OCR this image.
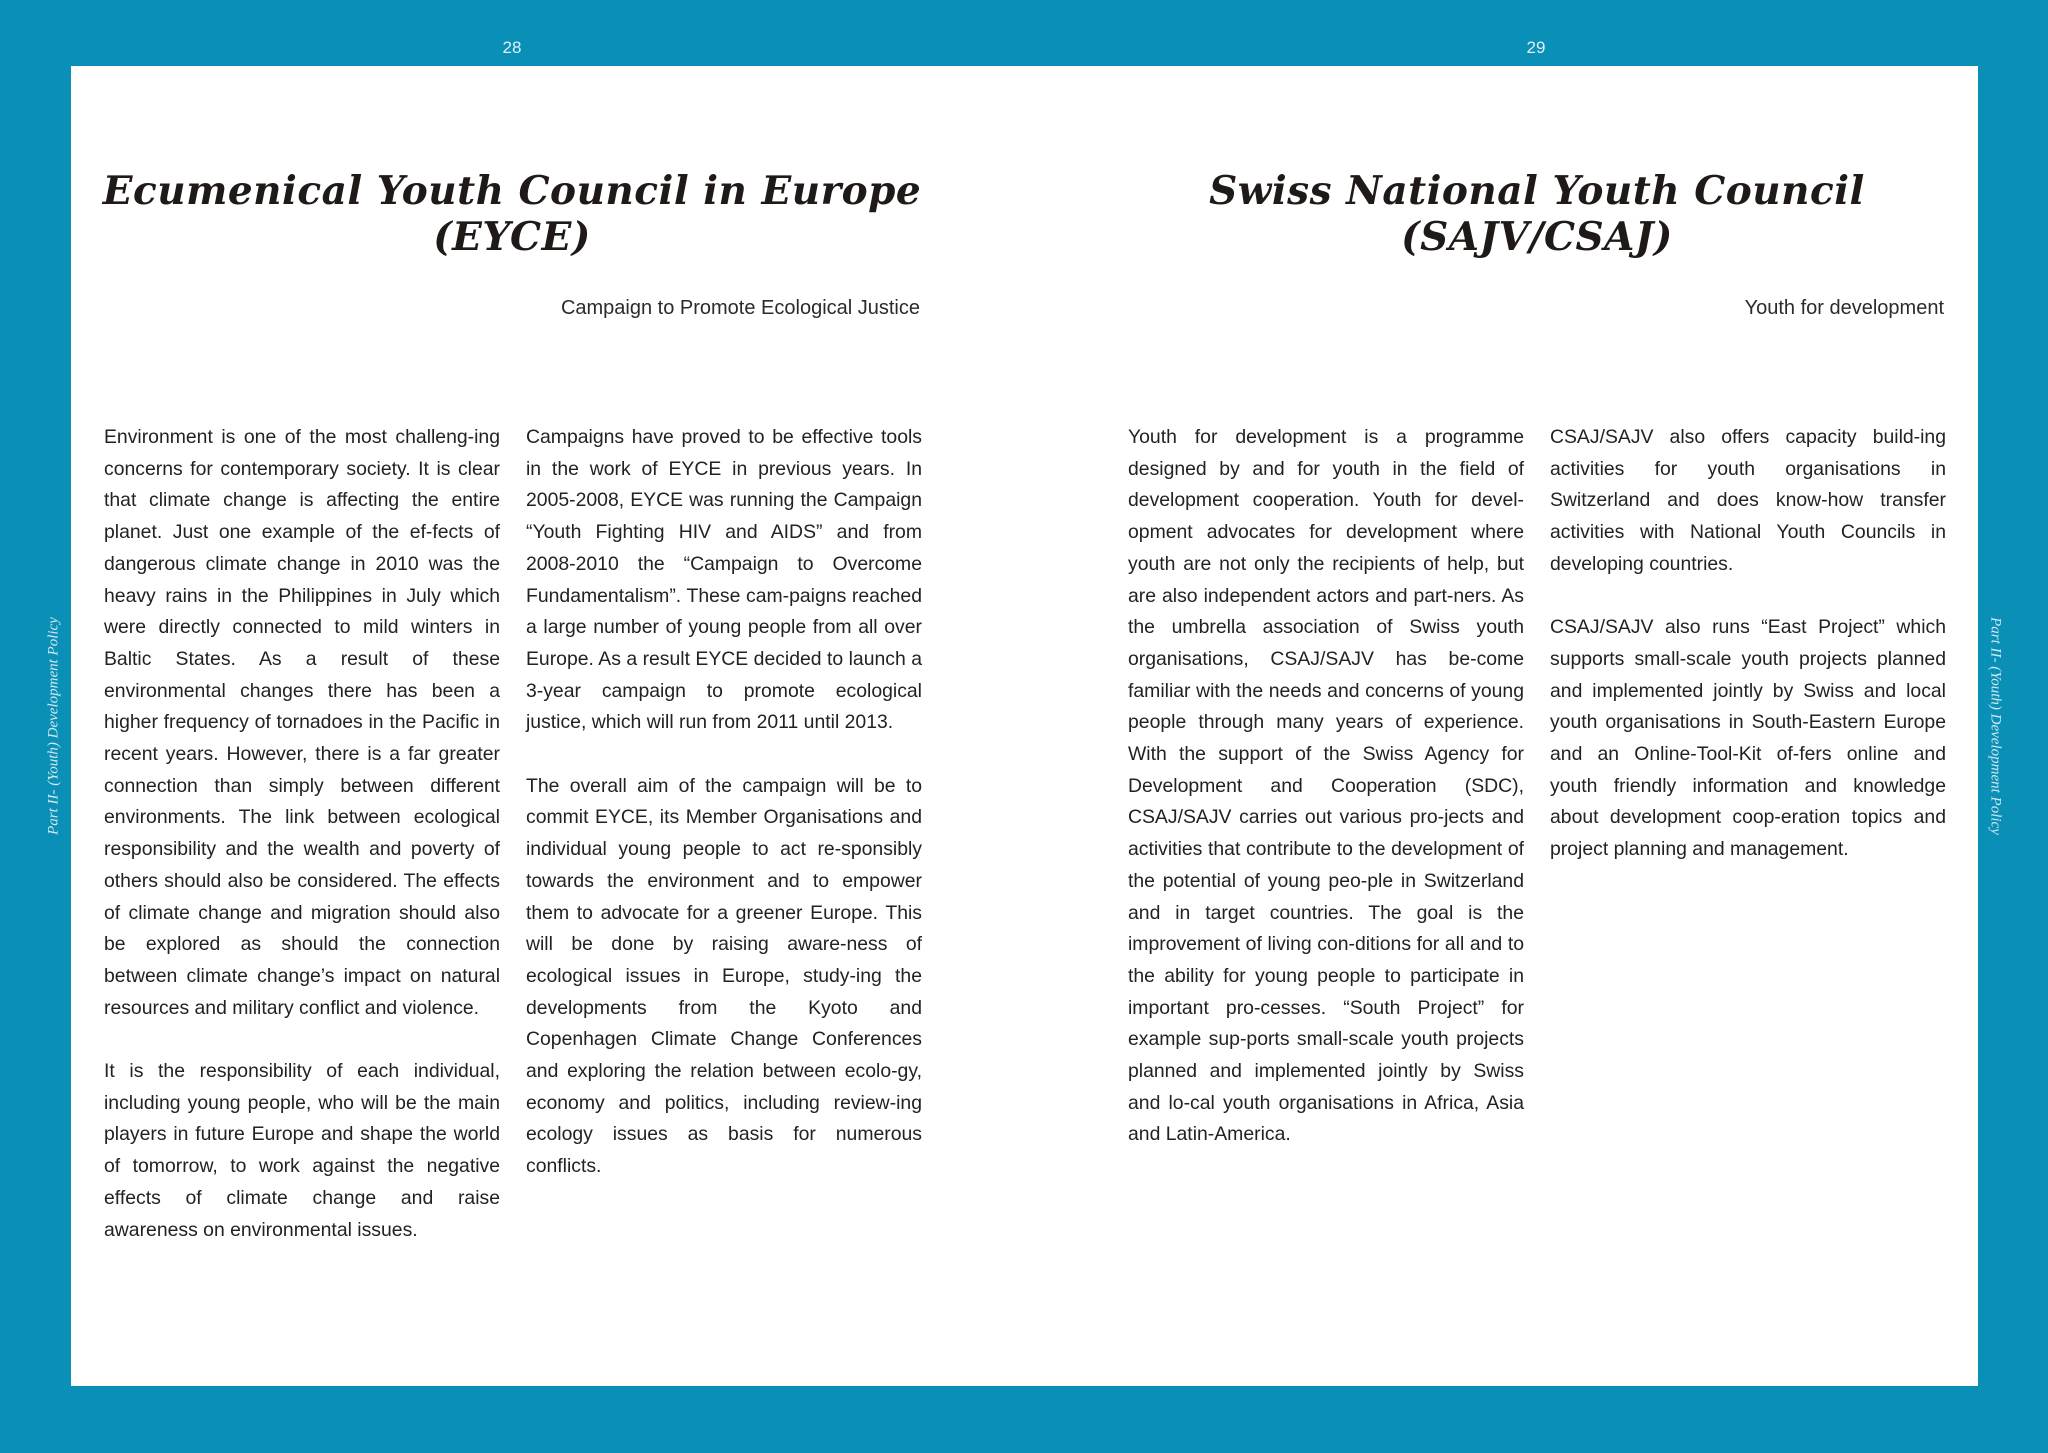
28	29
Part II- (Youth) Development Policy	Part II- (Youth) Development Policy
Ecumenical Youth Council in Europe
(EYCE)
Campaign to Promote Ecological Justice

Environment is one of the most challeng-ing concerns for contemporary society. It is clear that climate change is affecting the entire planet. Just one example of the ef-fects of dangerous climate change in 2010 was the heavy rains in the Philippines in July which were directly connected to mild winters in Baltic States. As a result of these environmental changes there has been a higher frequency of tornadoes in the Pacific in recent years. However, there is a far greater connection than simply between different environments. The link between ecological responsibility and the wealth and poverty of others should also be considered. The effects of climate change and migration should also be explored as should the connection between climate change’s impact on natural resources and military conflict and violence.

It is the responsibility of each individual, including young people, who will be the main players in future Europe and shape the world of tomorrow, to work against the negative effects of climate change and raise awareness on environmental issues.

Campaigns have proved to be effective tools in the work of EYCE in previous years. In 2005-2008, EYCE was running the Campaign “Youth Fighting HIV and AIDS” and from 2008-2010 the “Campaign to Overcome Fundamentalism”. These cam-paigns reached a large number of young people from all over Europe. As a result EYCE decided to launch a 3-year campaign to promote ecological justice, which will run from 2011 until 2013.

The overall aim of the campaign will be to commit EYCE, its Member Organisations and individual young people to act re-sponsibly towards the environment and to empower them to advocate for a greener Europe. This will be done by raising aware-ness of ecological issues in Europe, study-ing the developments from the Kyoto and Copenhagen Climate Change Conferences and exploring the relation between ecolo-gy, economy and politics, including review-ing ecology issues as basis for numerous conflicts.

Swiss National Youth Council
(SAJV/CSAJ)
Youth for development

Youth for development is a programme designed by and for youth in the field of development cooperation. Youth for devel-opment advocates for development where youth are not only the recipients of help, but are also independent actors and part-ners. As the umbrella association of Swiss youth organisations, CSAJ/SAJV has be-come familiar with the needs and concerns of young people through many years of experience. With the support of the Swiss Agency for Development and Cooperation (SDC), CSAJ/SAJV carries out various pro-jects and activities that contribute to the development of the potential of young peo-ple in Switzerland and in target countries. The goal is the improvement of living con-ditions for all and to the ability for young people to participate in important pro-cesses. “South Project” for example sup-ports small-scale youth projects planned and implemented jointly by Swiss and lo-cal youth organisations in Africa, Asia and Latin-America.

CSAJ/SAJV also offers capacity build-ing activities for youth organisations in Switzerland and does know-how transfer activities with National Youth Councils in developing countries.

CSAJ/SAJV also runs “East Project” which supports small-scale youth projects planned and implemented jointly by Swiss and local youth organisations in South-Eastern Europe and an Online-Tool-Kit of-fers online and youth friendly information and knowledge about development coop-eration topics and project planning and management.
